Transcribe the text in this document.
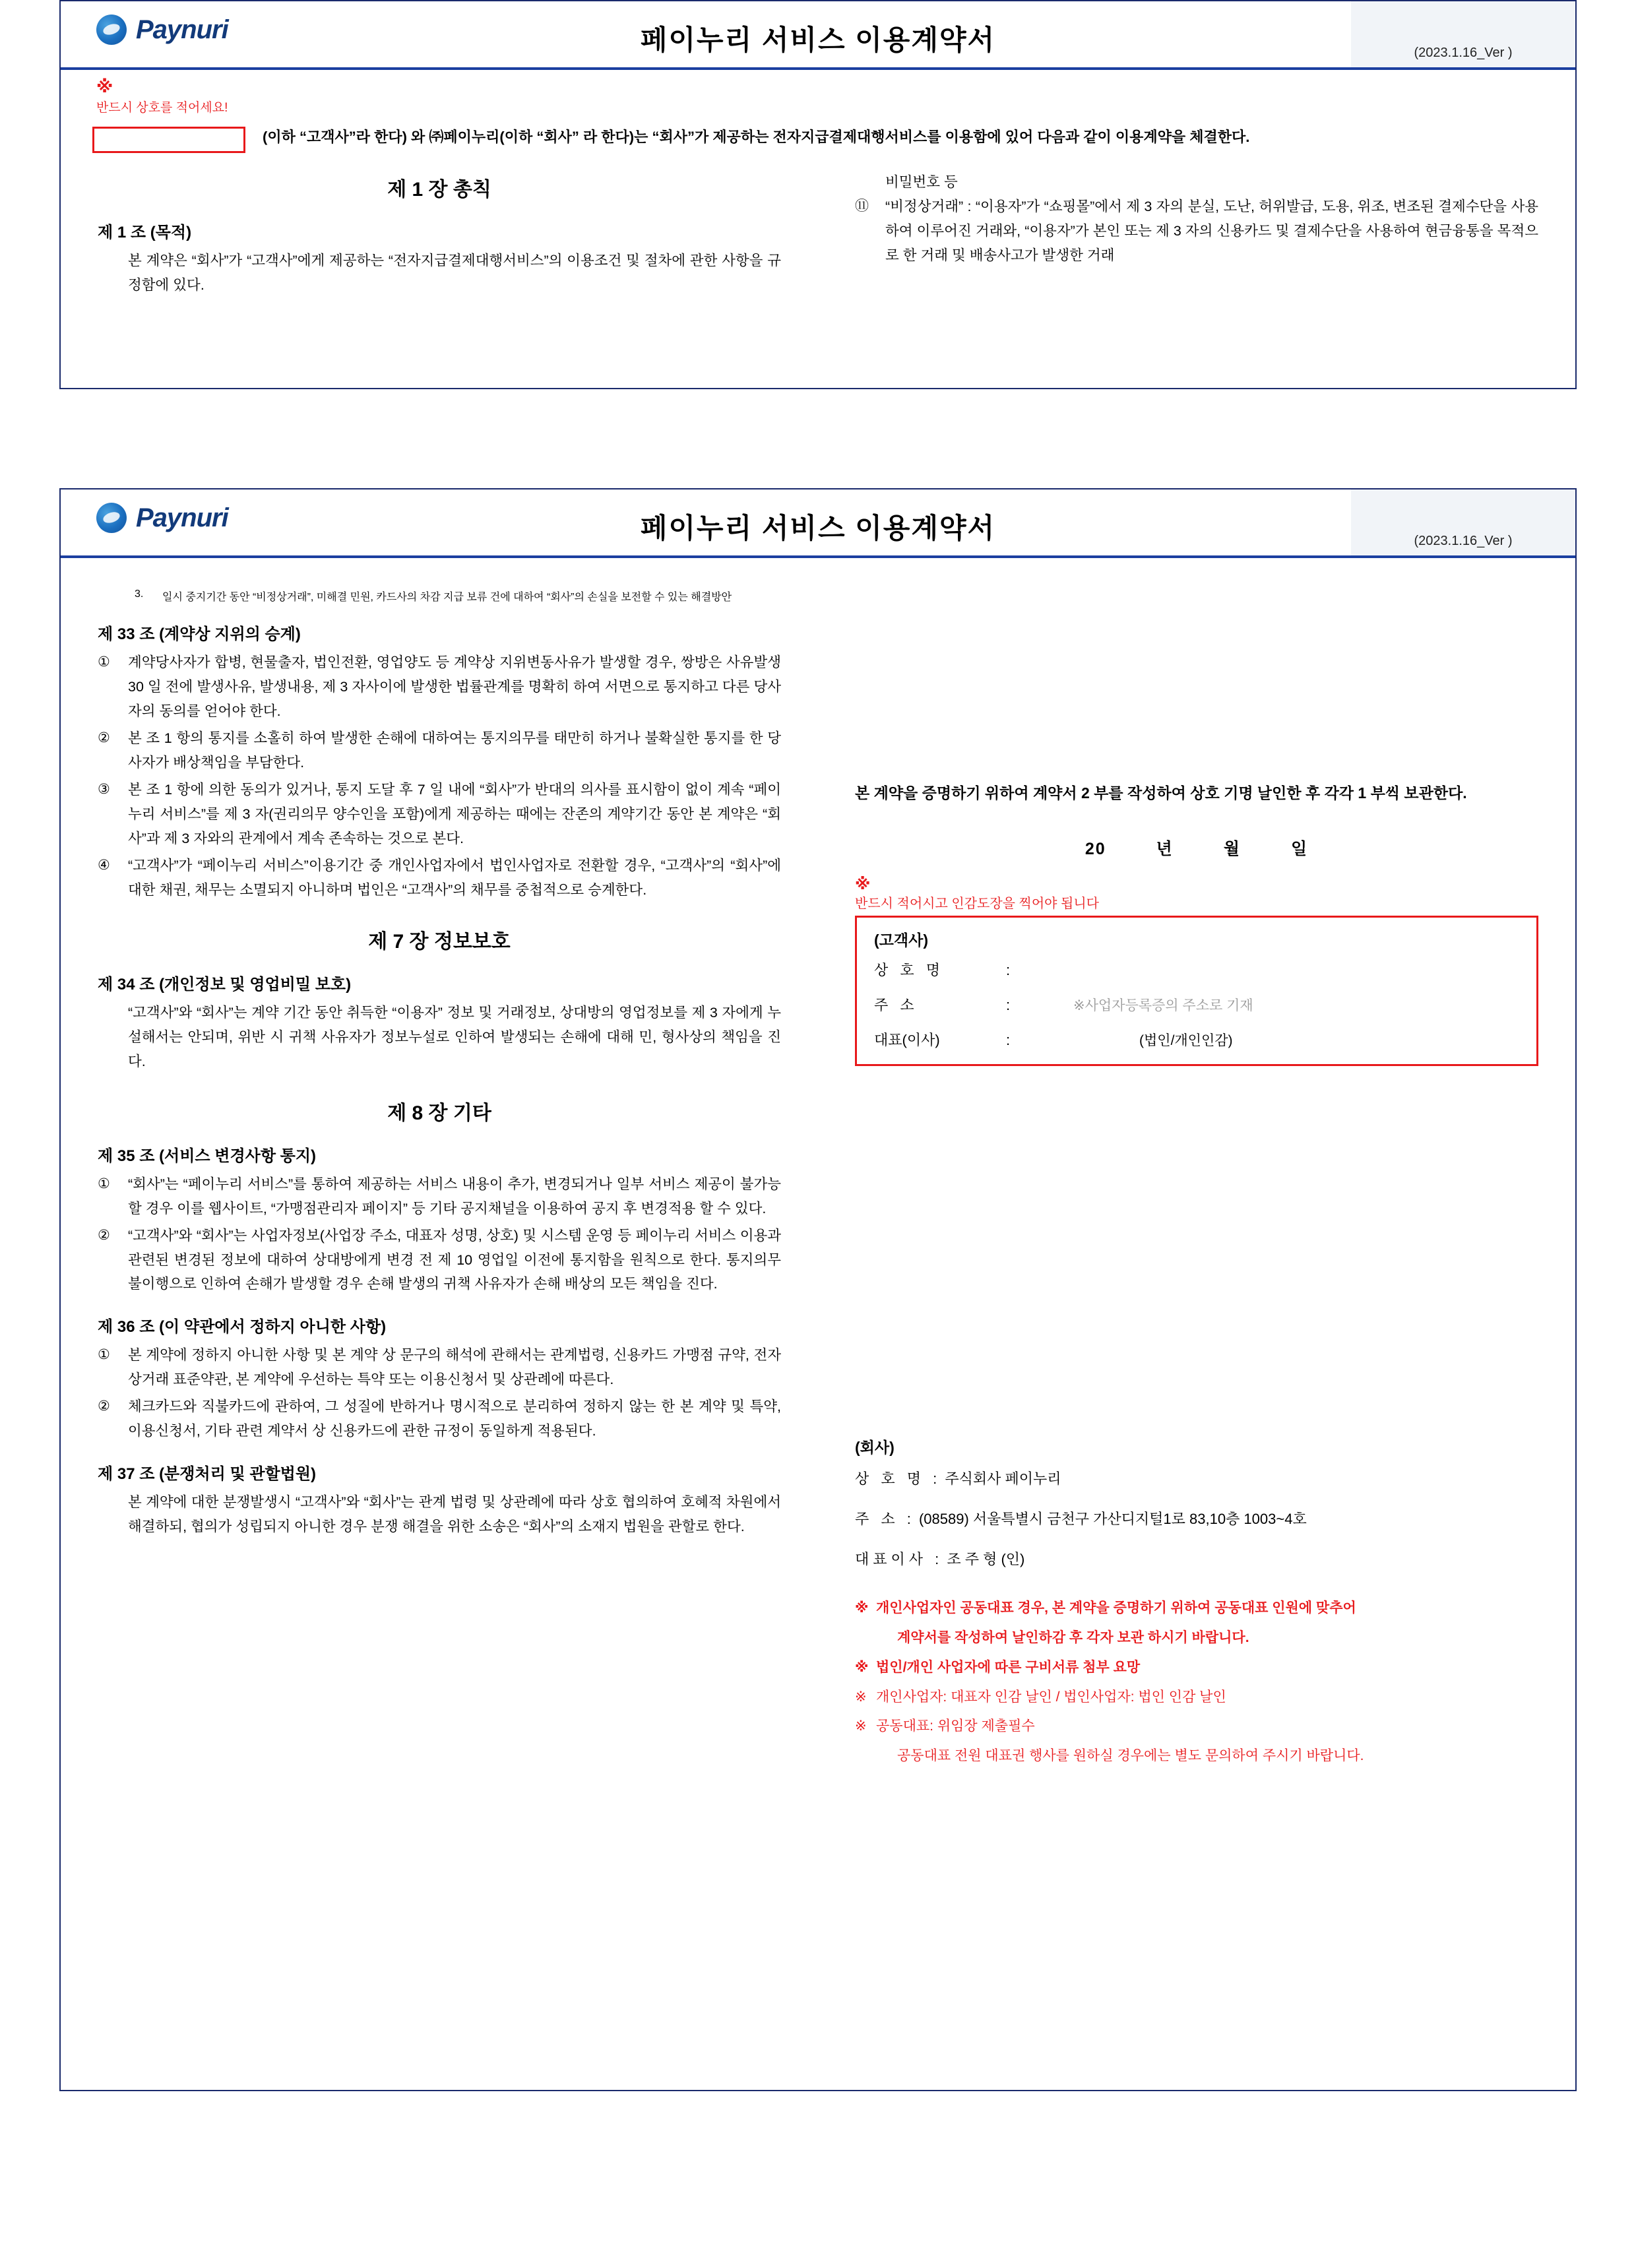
Paynuri	페이누리 서비스 이용계약서	(2023.1.16_Ver )
※
반드시 상호를 적어세요!
(이하 “고객사”라 한다) 와 ㈜페이누리(이하 “회사” 라 한다)는 “회사”가 제공하는 전자지급결제대행서비스를 이용함에 있어 다음과 같이 이용계약을 체결한다.
제 1 장 총칙
제 1 조 (목적)
본 계약은 “회사”가 “고객사”에게 제공하는 “전자지급결제대행서비스”의 이용조건 및 절차에 관한 사항을 규정함에 있다.
비밀번호 등
⑪	“비정상거래” : “이용자”가 “쇼핑몰”에서 제 3 자의 분실, 도난, 허위발급, 도용, 위조, 변조된 결제수단을 사용하여 이루어진 거래와, “이용자”가 본인 또는 제 3 자의 신용카드 및 결제수단을 사용하여 현금융통을 목적으로 한 거래 및 배송사고가 발생한 거래
Paynuri	페이누리 서비스 이용계약서	(2023.1.16_Ver )
3.	일시 중지기간 동안 “비정상거래”, 미해결 민원, 카드사의 차감 지급 보류 건에 대하여 “회사”의 손실을 보전할 수 있는 해결방안
제 33 조 (계약상 지위의 승계)
①	계약당사자가 합병, 현물출자, 법인전환, 영업양도 등 계약상 지위변동사유가 발생할 경우, 쌍방은 사유발생 30 일 전에 발생사유, 발생내용, 제 3 자사이에 발생한 법률관계를 명확히 하여 서면으로 통지하고 다른 당사자의 동의를 얻어야 한다.
②	본 조 1 항의 통지를 소홀히 하여 발생한 손해에 대하여는 통지의무를 태만히 하거나 불확실한 통지를 한 당사자가 배상책임을 부담한다.
③	본 조 1 항에 의한 동의가 있거나, 통지 도달 후 7 일 내에 “회사”가 반대의 의사를 표시함이 없이 계속 “페이누리 서비스”를 제 3 자(권리의무 양수인을 포함)에게 제공하는 때에는 잔존의 계약기간 동안 본 계약은 “회사”과 제 3 자와의 관계에서 계속 존속하는 것으로 본다.
④	“고객사”가 “페이누리 서비스”이용기간 중 개인사업자에서 법인사업자로 전환할 경우, “고객사”의 “회사”에 대한 채권, 채무는 소멸되지 아니하며 법인은 “고객사”의 채무를 중첩적으로 승계한다.
제 7 장 정보보호
제 34 조 (개인정보 및 영업비밀 보호)
“고객사”와 “회사”는 계약 기간 동안 취득한 “이용자” 정보 및 거래정보, 상대방의 영업정보를 제 3 자에게 누설해서는 안되며, 위반 시 귀책 사유자가 정보누설로 인하여 발생되는 손해에 대해 민, 형사상의 책임을 진다.
제 8 장 기타
제 35 조 (서비스 변경사항 통지)
①	“회사”는 “페이누리 서비스”를 통하여 제공하는 서비스 내용이 추가, 변경되거나 일부 서비스 제공이 불가능할 경우 이를 웹사이트, “가맹점관리자 페이지” 등 기타 공지채널을 이용하여 공지 후 변경적용 할 수 있다.
②	“고객사”와 “회사”는 사업자정보(사업장 주소, 대표자 성명, 상호) 및 시스템 운영 등 페이누리 서비스 이용과 관련된 변경된 정보에 대하여 상대방에게 변경 전 제 10 영업일 이전에 통지함을 원칙으로 한다. 통지의무 불이행으로 인하여 손해가 발생할 경우 손해 발생의 귀책 사유자가 손해 배상의 모든 책임을 진다.
제 36 조 (이 약관에서 정하지 아니한 사항)
①	본 계약에 정하지 아니한 사항 및 본 계약 상 문구의 해석에 관해서는 관계법령, 신용카드 가맹점 규약, 전자상거래 표준약관, 본 계약에 우선하는 특약 또는 이용신청서 및 상관례에 따른다.
②	체크카드와 직불카드에 관하여, 그 성질에 반하거나 명시적으로 분리하여 정하지 않는 한 본 계약 및 특약, 이용신청서, 기타 관련 계약서 상 신용카드에 관한 규정이 동일하게 적용된다.
제 37 조 (분쟁처리 및 관할법원)
본 계약에 대한 분쟁발생시 “고객사”와 “회사”는 관계 법령 및 상관례에 따라 상호 협의하여 호혜적 차원에서 해결하되, 협의가 성립되지 아니한 경우 분쟁 해결을 위한 소송은 “회사”의 소재지 법원을 관할로 한다.
본 계약을 증명하기 위하여 계약서 2 부를 작성하여 상호 기명 날인한 후 각각 1 부씩 보관한다.
20	년	월	일
※
반드시 적어시고 인감도장을 찍어야 됩니다
(고객사)
상 호 명	:
주 소	:	※사업자등록증의 주소로 기재
대표(이사)	:	(법인/개인인감)
(회사)
상 호 명 : 주식회사 페이누리
주 소 : (08589) 서울특별시 금천구 가산디지털1로 83,10층 1003~4호
대표이사 : 조 주 형 (인)
※ 개인사업자인 공동대표 경우, 본 계약을 증명하기 위하여 공동대표 인원에 맞추어
계약서를 작성하여 날인하감 후 각자 보관 하시기 바랍니다.
※ 법인/개인 사업자에 따른 구비서류 첨부 요망
※ 개인사업자: 대표자 인감 날인 / 법인사업자: 법인 인감 날인
※ 공동대표: 위임장 제출필수
공동대표 전원 대표권 행사를 원하실 경우에는 별도 문의하여 주시기 바랍니다.
